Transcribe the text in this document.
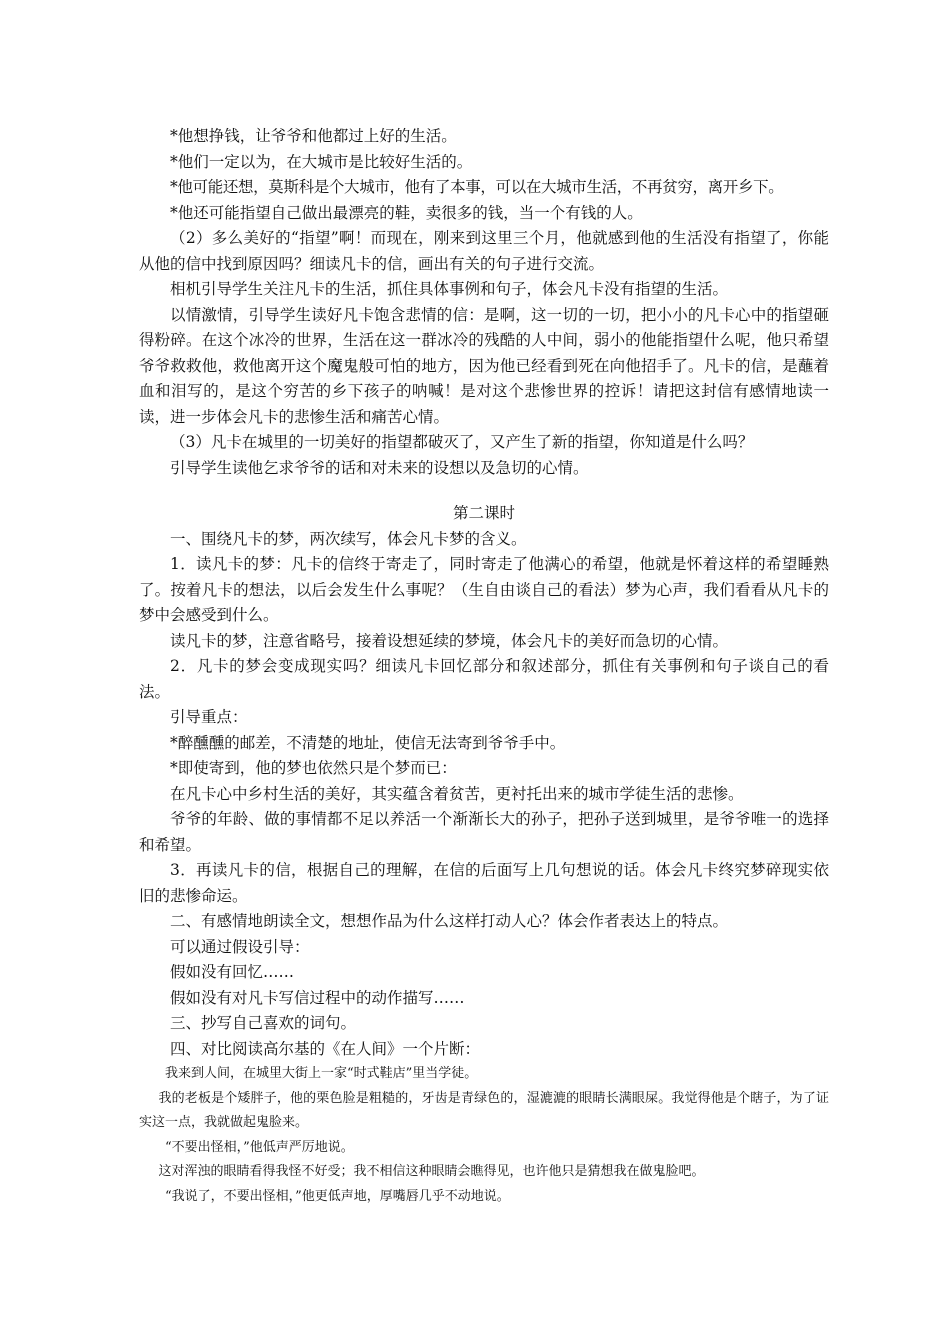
*他想挣钱，让爷爷和他都过上好的生活。

*他们一定以为，在大城市是比较好生活的。

*他可能还想，莫斯科是个大城市，他有了本事，可以在大城市生活，不再贫穷，离开乡下。

*他还可能指望自己做出最漂亮的鞋，卖很多的钱，当一个有钱的人。

（2）多么美好的“指望”啊！而现在，刚来到这里三个月，他就感到他的生活没有指望了，你能从他的信中找到原因吗？细读凡卡的信，画出有关的句子进行交流。

相机引导学生关注凡卡的生活，抓住具体事例和句子，体会凡卡没有指望的生活。

以情激情，引导学生读好凡卡饱含悲情的信：是啊，这一切的一切，把小小的凡卡心中的指望砸得粉碎。在这个冰冷的世界，生活在这一群冰冷的残酷的人中间，弱小的他能指望什么呢，他只希望爷爷救救他，救他离开这个魔鬼般可怕的地方，因为他已经看到死在向他招手了。凡卡的信，是蘸着血和泪写的，是这个穷苦的乡下孩子的呐喊！是对这个悲惨世界的控诉！请把这封信有感情地读一读，进一步体会凡卡的悲惨生活和痛苦心情。

（3）凡卡在城里的一切美好的指望都破灭了，又产生了新的指望，你知道是什么吗？

引导学生读他乞求爷爷的话和对未来的设想以及急切的心情。

第二课时

一、围绕凡卡的梦，两次续写，体会凡卡梦的含义。

1．读凡卡的梦：凡卡的信终于寄走了，同时寄走了他满心的希望，他就是怀着这样的希望睡熟了。按着凡卡的想法，以后会发生什么事呢？（生自由谈自己的看法）梦为心声，我们看看从凡卡的梦中会感受到什么。

读凡卡的梦，注意省略号，接着设想延续的梦境，体会凡卡的美好而急切的心情。

2．凡卡的梦会变成现实吗？细读凡卡回忆部分和叙述部分，抓住有关事例和句子谈自己的看法。

引导重点：

*醉醺醺的邮差，不清楚的地址，使信无法寄到爷爷手中。

*即使寄到，他的梦也依然只是个梦而已：

在凡卡心中乡村生活的美好，其实蕴含着贫苦，更衬托出来的城市学徒生活的悲惨。

爷爷的年龄、做的事情都不足以养活一个渐渐长大的孙子，把孙子送到城里，是爷爷唯一的选择和希望。

3．再读凡卡的信，根据自己的理解，在信的后面写上几句想说的话。体会凡卡终究梦碎现实依旧的悲惨命运。

二、有感情地朗读全文，想想作品为什么这样打动人心？体会作者表达上的特点。

可以通过假设引导：

假如没有回忆……

假如没有对凡卡写信过程中的动作描写……

三、抄写自己喜欢的词句。

四、对比阅读高尔基的《在人间》一个片断：

我来到人间，在城里大街上一家“时式鞋店”里当学徒。

我的老板是个矮胖子，他的栗色脸是粗糙的，牙齿是青绿色的，湿漉漉的眼睛长满眼屎。我觉得他是个瞎子，为了证实这一点，我就做起鬼脸来。

“不要出怪相，”他低声严厉地说。

这对浑浊的眼睛看得我怪不好受；我不相信这种眼睛会瞧得见，也许他只是猜想我在做鬼脸吧。

“我说了，不要出怪相，”他更低声地，厚嘴唇几乎不动地说。
